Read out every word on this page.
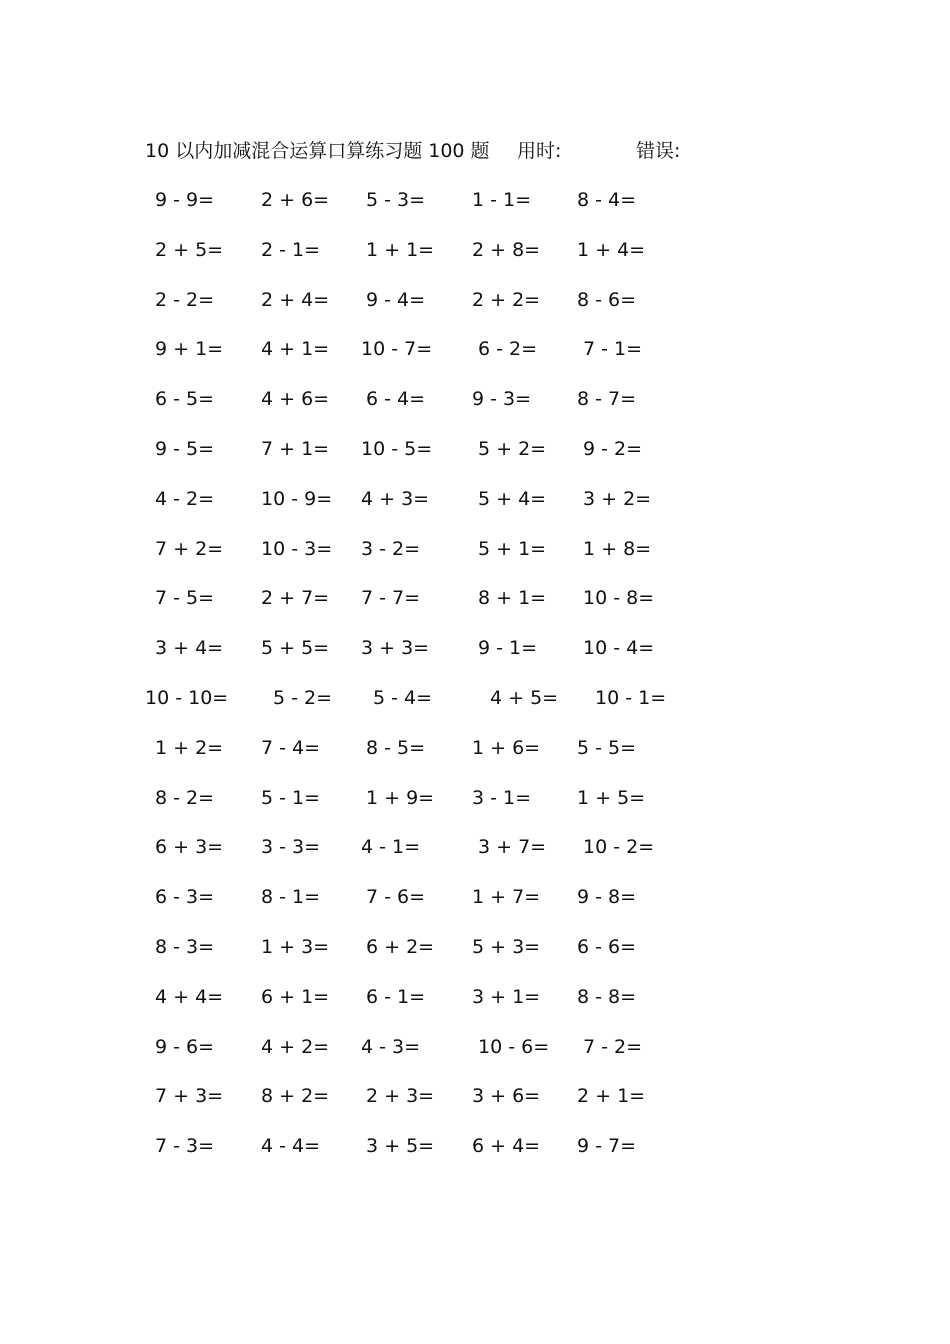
10 以内加减混合运算口算练习题 100 题 用时:	错误:
9 - 9= 2 + 6= 5 - 3= 1 - 1= 8 - 4=
2 + 5= 2 - 1= 1 + 1= 2 + 8= 1 + 4=
2 - 2= 2 + 4= 9 - 4= 2 + 2= 8 - 6=
9 + 1= 4 + 1= 10 - 7= 6 - 2= 7 - 1=
6 - 5= 4 + 6= 6 - 4= 9 - 3= 8 - 7=
9 - 5= 7 + 1= 10 - 5= 5 + 2= 9 - 2=
4 - 2= 10 - 9= 4 + 3=	5 + 4= 3 + 2=
7 + 2= 10 - 3= 3 - 2=	5 + 1= 1 + 8=
7 - 5= 2 + 7= 7 - 7=	8 + 1= 10 - 8=
3 + 4= 5 + 5= 3 + 3=	9 - 1= 10 - 4=
10 - 10= 5 - 2= 5 - 4=	4 + 5= 10 - 1=
1 + 2= 7 - 4= 8 - 5= 1 + 6= 5 - 5=
8 - 2= 5 - 1= 1 + 9= 3 - 1= 1 + 5=
6 + 3= 3 - 3= 4 - 1=	3 + 7= 10 - 2=
6 - 3= 8 - 1= 7 - 6= 1 + 7= 9 - 8=
8 - 3= 1 + 3= 6 + 2= 5 + 3= 6 - 6=
4 + 4= 6 + 1= 6 - 1= 3 + 1= 8 - 8=
9 - 6= 4 + 2= 4 - 3=	10 - 6= 7 - 2=
7 + 3= 8 + 2= 2 + 3= 3 + 6= 2 + 1=
7 - 3= 4 - 4= 3 + 5= 6 + 4= 9 - 7=
